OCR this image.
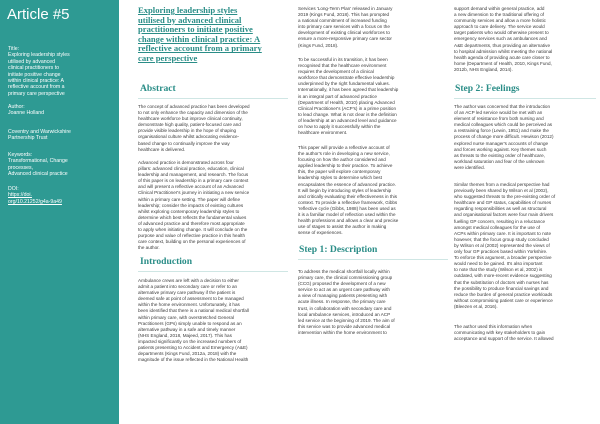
Article #5
Title:
Exploring leadership styles
utilised by advanced
clinical practitioners to
initiate positive change
within clinical practice: A
reflective account from a
primary care perspective
Author:
Joanne Holland
Coventry and Warwickshire
Partnership Trust
Keywords:
Transformational, Change
processes,
Advanced clinical practice
DOI:
https://doi.
org/10.21252/g4a-9a49
Exploring leadership styles
utilised by advanced clinical
practitioners to initiate positive
change within clinical practice: A
reflective account from a primary
care perspective
Abstract

The concept of advanced practice has been developed
to not only enhance the capacity and dimension of the
healthcare workforce but improve clinical continuity,
demonstrate high quality, patient-focused care and
provide visible leadership in the hope of shaping
organisational culture whilst advocating evidence-
based change to continually improve the way
healthcare is delivered.

Advanced practice is demonstrated across four
pillars: advanced clinical practice, education, clinical
leadership and management, and research. The focus
of this paper is on leadership in a primary care context
and will present a reflective account of an Advanced
Clinical Practitioner's journey in initiating a new service
within a primary care setting. The paper will define
leadership; consider the impacts of existing cultures
whilst exploring contemporary leadership styles to
determine which best reflects the fundamental values
of advanced practice and therefore most appropriate
to apply when initiating change. It will conclude on the
purpose and value of reflective practice in this health
care context, building on the personal experiences of
the author.

Introduction

Ambulance crews are left with a decision to either
admit a patient into secondary care or refer to an
alternative primary care pathway if the patient is
deemed safe at point of assessment to be managed
within the home environment. Unfortunately, it has
been identified that there is a national medical shortfall
within primary care, with overstretched General
Practitioners (GPs) simply unable to respond as an
alternative pathway in a safe and timely manner
(NHS England, 2018, Majeed, 2017). This has
impacted significantly on the increased numbers of
patients presenting to Accident and Emergency (A&E)
departments (Kings Fund, 2012a, 2018) with the
magnitude of the issue reflected in the National Health

Services 'Long-Term Plan' released in January
2019 (Kings Fund, 2018). This has prompted
a national commitment of increased funding
into primary care services with a focus on the
development of existing clinical workforces to
ensure a more-responsive primary care sector
(Kings Fund, 2018).

To be successful in its transition, it has been
recognised that the healthcare environment
requires the development of a clinical
workforce that demonstrate effective leadership
underpinned by the right fundamental values.
Internationally, it has been agreed that leadership
is an integral part of advanced practice
(Department of Health, 2010) placing Advanced
Clinical Practitioner's (ACP's) in a prime position
to lead change. What is not clear is the definition
of leadership at an advanced level and guidance
on how to apply it successfully within the
healthcare environment.

This paper will provide a reflective account of
the author's role in developing a new service,
focusing on how the author considered and
applied leadership to their practice. To achieve
this, the paper will explore contemporary
leadership styles to determine which best
encapsulates the essence of advanced practice.
It will begin by introducing styles of leadership
and critically evaluating their effectiveness in this
context. To provide a reflective framework, Gibbs
'reflective cycle (Gibbs, 1988) has been used as
it is a familiar model of reflection used within the
health professions and allows a clear and precise
use of stages to assist the author in making
sense of experiences.

Step 1: Description

To address the medical shortfall locally within
primary care, the clinical commissioning group
(CCG) proposed the development of a new
service to act as an urgent care pathway with
a view of managing patients presenting with
acute illness. In response, the primary care
trust, in collaboration with secondary care and
local ambulance services, introduced an ACP
led service at the beginning of 2019. The aim of
this service was to provide advanced medical
intervention within the home environment to

support demand within general practice, add
a new dimension to the traditional offering of
community services and allow a more holistic
approach to care delivery. The service would
target patients who would otherwise present to
emergency services such as ambulances and
A&E departments, thus providing an alternative
to hospital admission whilst meeting the national
health agenda of providing acute care closer to
home (Department of Health, 2010, Kings Fund,
2012b, NHS England, 2014).

Step 2: Feelings

The author was concerned that the introduction
of an ACP led service would be met with an
element of resistance from both nursing and
medical colleagues which could be perceived as
a restraining force (Lewin, 1951) and make the
process of change more difficult. Hewison (2012)
explored nurse manager's accounts of change
and forces working against. Key themes such
as threats to the existing order of healthcare,
workload saturation and fear of the unknown
were identified.

Similar themes from a medical perspective had
previously been shared by Wilson et al (2002),
who suggested threats to the pre-existing order of
healthcare and GP status, capabilities of nurses
regarding responsibilities as well as structural
and organisational factors were four main drivers
fuelling GP concern, resulting in a reluctance
amongst medical colleagues for the use of
ACPs within primary care. It is important to note
however, that the focus group study concluded
by Wilson et al (2002) represented the views of
only four GP practices based within Yorkshire.
To enforce this argument, a broader perspective
would need to be gained. It's also important
to note that the study (Wilson et al, 2002) is
outdated, with more-recent evidence suggesting
that the substitution of doctors with nurses has
the possibility to produce financial savings and
reduce the burden of general practice workloads
without compromising patient care or experience
(Bleezen et al, 2016).

The author used this information when
communicating with key stakeholders to gain
acceptance and support of the service. It allowed
